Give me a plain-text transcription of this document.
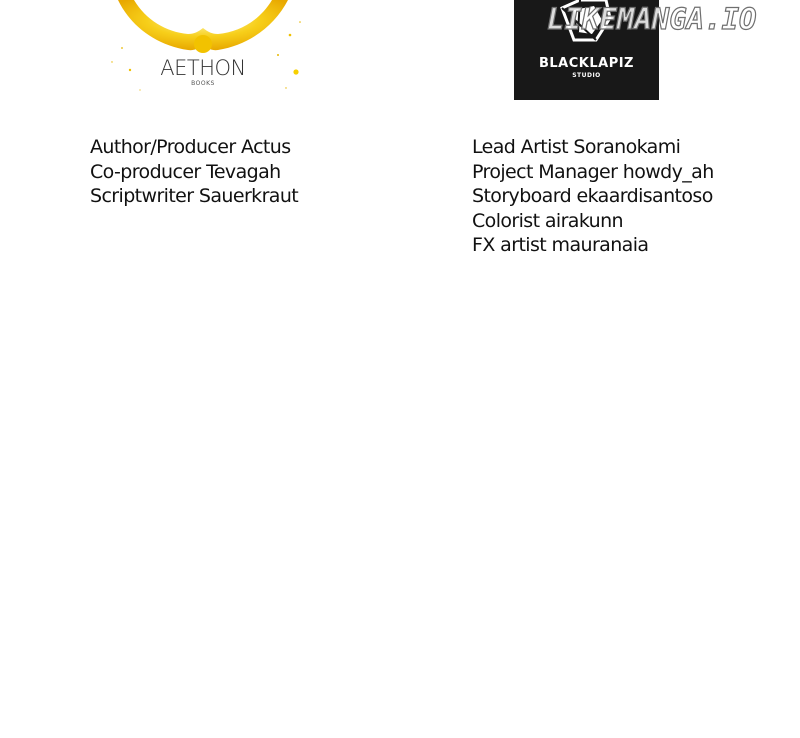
AETHON
BOOKS
BLACKLAPIZ
STUDIO
LIKEMANGA.IO
Author/Producer Actus
Co-producer Tevagah
Scriptwriter Sauerkraut
Lead Artist Soranokami
Project Manager howdy_ah
Storyboard ekaardisantoso
Colorist airakunn
FX artist mauranaia
